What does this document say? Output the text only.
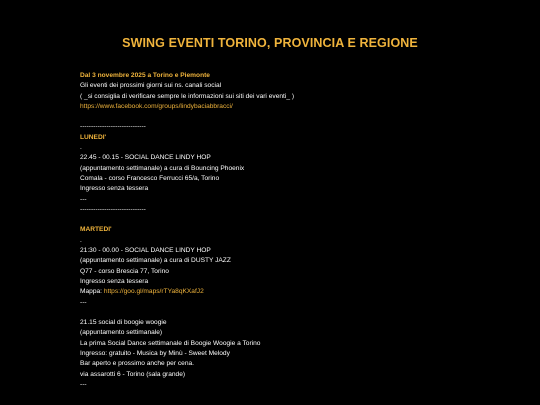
SWING EVENTI TORINO, PROVINCIA E REGIONE
Dal 3 novembre 2025 a Torino e Piemonte
Gli eventi dei prossimi giorni sui ns. canali social
( _si consiglia di verificare sempre le informazioni sui siti dei vari eventi_ )
https://www.facebook.com/groups/lindybaciabbracci/
------------------------------
LUNEDI'
.
22.45 - 00.15 - SOCIAL DANCE LINDY HOP
(appuntamento settimanale) a cura di Bouncing Phoenix
Comala - corso Francesco Ferrucci 65/a, Torino
Ingresso senza tessera
---
------------------------------
MARTEDI'
.
21:30 - 00.00 - SOCIAL DANCE LINDY HOP
(appuntamento settimanale) a cura di DUSTY JAZZ
Q77 - corso Brescia 77, Torino
Ingresso senza tessera
Mappa: https://goo.gl/maps/rTYa8qKXafJ2
---
21.15 social di boogie woogie
(appuntamento settimanale)
La prima Social Dance settimanale di Boogie Woogie a Torino
Ingresso: gratuito - Musica by Minù - Sweet Melody
Bar aperto e prossimo anche per cena.
via assarotti 6 - Torino (sala grande)
---
